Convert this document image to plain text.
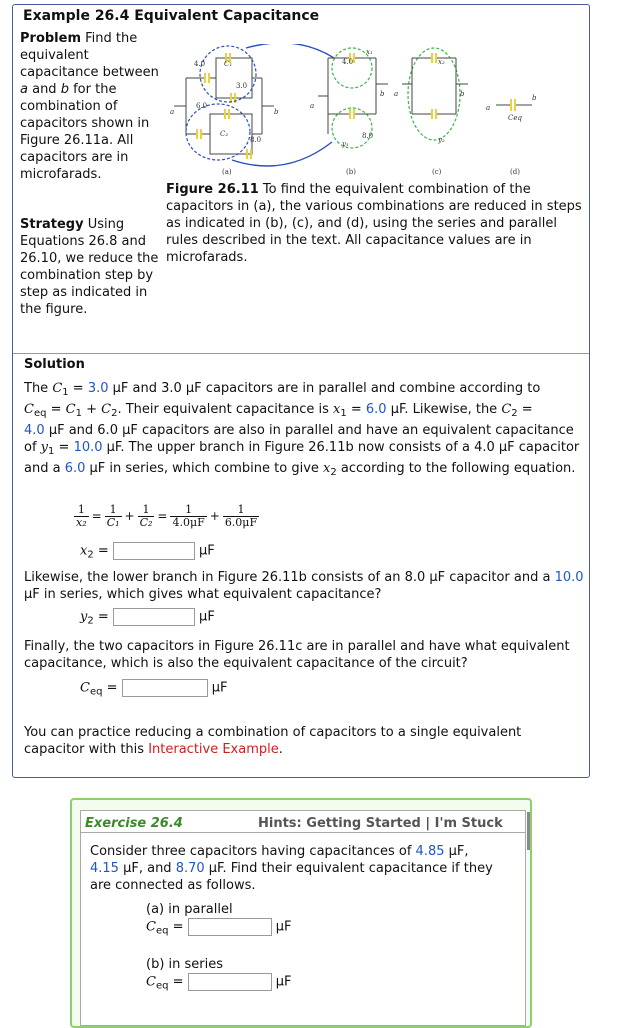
Example 26.4 Equivalent Capacitance
Problem Find the equivalent capacitance between a and b for the combination of capacitors shown in Figure 26.11a. All capacitors are in microfarads.
Strategy Using Equations 26.8 and 26.10, we reduce the combination step by step as indicated in the figure.
4.0	C₁
3.0
6.0
C₂
8.0
a	b
4.0
x₁
8.0
y₁
a
b
x₂
y₂
a	b
a
b
Ceq
(a)	(b)	(c)	(d)
Figure 26.11 To find the equivalent combination of the capacitors in (a), the various combinations are reduced in steps as indicated in (b), (c), and (d), using the series and parallel rules described in the text. All capacitance values are in microfarads.
Solution
The $C_1 = 3.0$ μF and 3.0 μF capacitors are in parallel and combine according to
$C_{eq} = C_1 + C_2$. Their equivalent capacitance is $x_1 = 6.0$ μF. Likewise, the $C_2$ =
4.0 μF and 6.0 μF capacitors are also in parallel and have an equivalent capacitance of $y_1 = 10.0$ μF. The upper branch in Figure 26.11b now consists of a 4.0 μF capacitor and a 6.0 μF in series, which combine to give $x_2$ according to the following equation.
$\frac{1}{\text{x₂}} = \frac{1}{\text{C₁}} + \frac{1}{\text{C₂}} = \frac{1}{4.0\mu F} + \frac{1}{6.0\mu F}$
$x_2$ =	μF
Likewise, the lower branch in Figure 26.11b consists of an 8.0 μF capacitor and a 10.0 μF in series, which gives what equivalent capacitance?
$y_2$ =	μF
Finally, the two capacitors in Figure 26.11c are in parallel and have what equivalent capacitance, which is also the equivalent capacitance of the circuit?
$C_{eq}$ =	μF
You can practice reducing a combination of capacitors to a single equivalent capacitor with this Interactive Example.
Exercise 26.4	Hints: Getting Started | I'm Stuck
Consider three capacitors having capacitances of 4.85 μF,
4.15 μF, and 8.70 μF. Find their equivalent capacitance if they are connected as follows.
(a) in parallel
$C_{eq}$ =	μF
(b) in series
$C_{eq}$ =	μF
